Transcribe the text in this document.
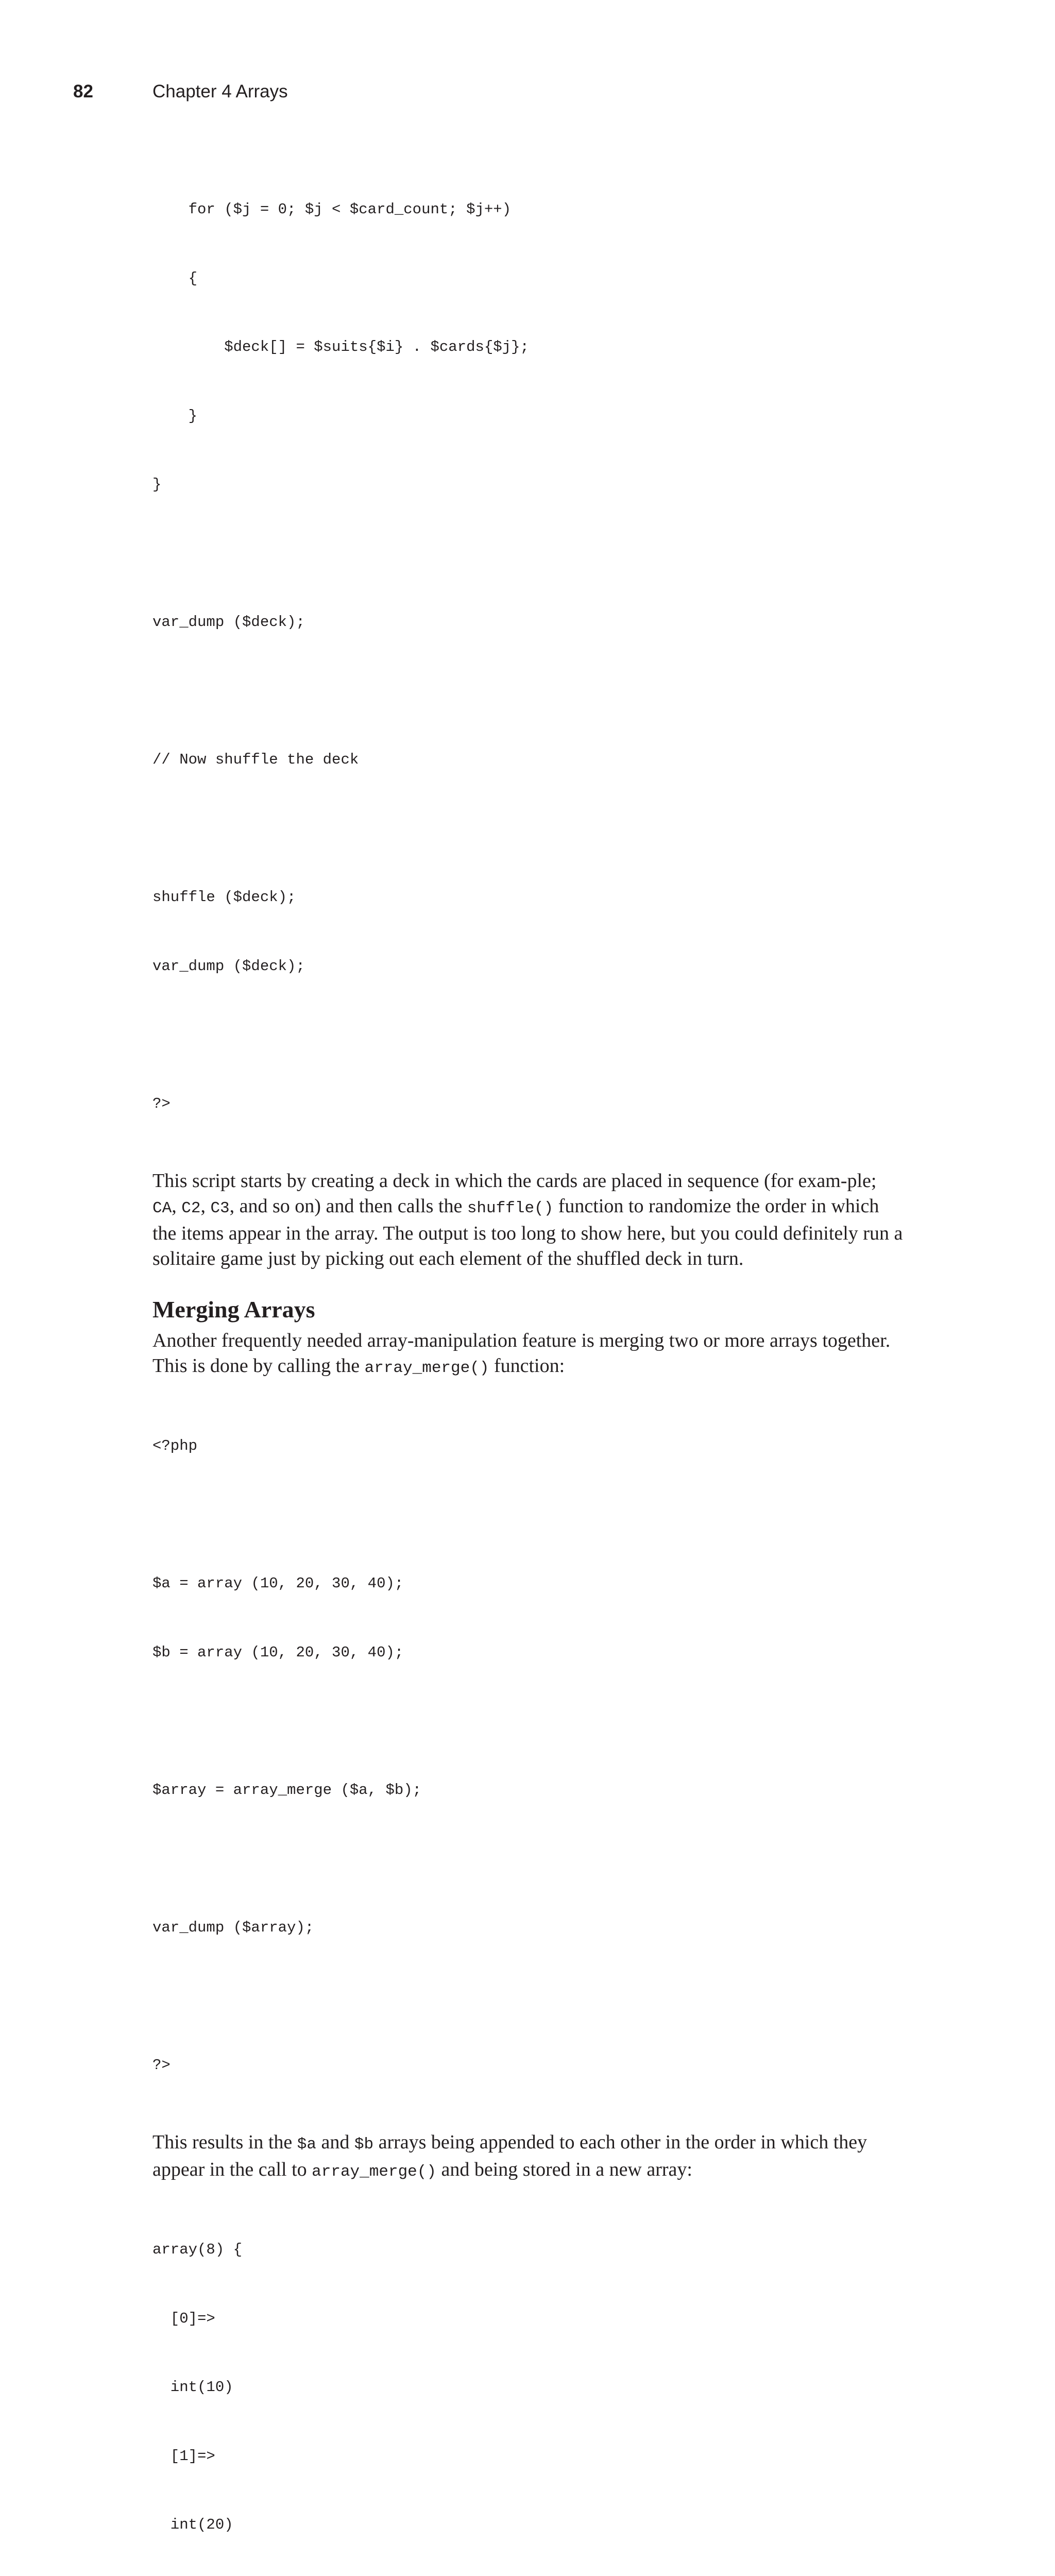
82	Chapter 4 Arrays

for ($j = 0; $j < $card_count; $j++)

{

$deck[] = $suits{$i} . $cards{$j};

}

}

var_dump ($deck);

// Now shuffle the deck

shuffle ($deck);

var_dump ($deck);

?>

This script starts by creating a deck in which the cards are placed in sequence (for exam-ple; CA, C2, C3, and so on) and then calls the shuffle() function to randomize the order in which the items appear in the array. The output is too long to show here, but you could definitely run a solitaire game just by picking out each element of the shuffled deck in turn.

Merging Arrays

Another frequently needed array-manipulation feature is merging two or more arrays together. This is done by calling the array_merge() function:

<?php

$a = array (10, 20, 30, 40);

$b = array (10, 20, 30, 40);

$array = array_merge ($a, $b);

var_dump ($array);

?>

This results in the $a and $b arrays being appended to each other in the order in which they appear in the call to array_merge() and being stored in a new array:

array(8) {

[0]=>

int(10)

[1]=>

int(20)
